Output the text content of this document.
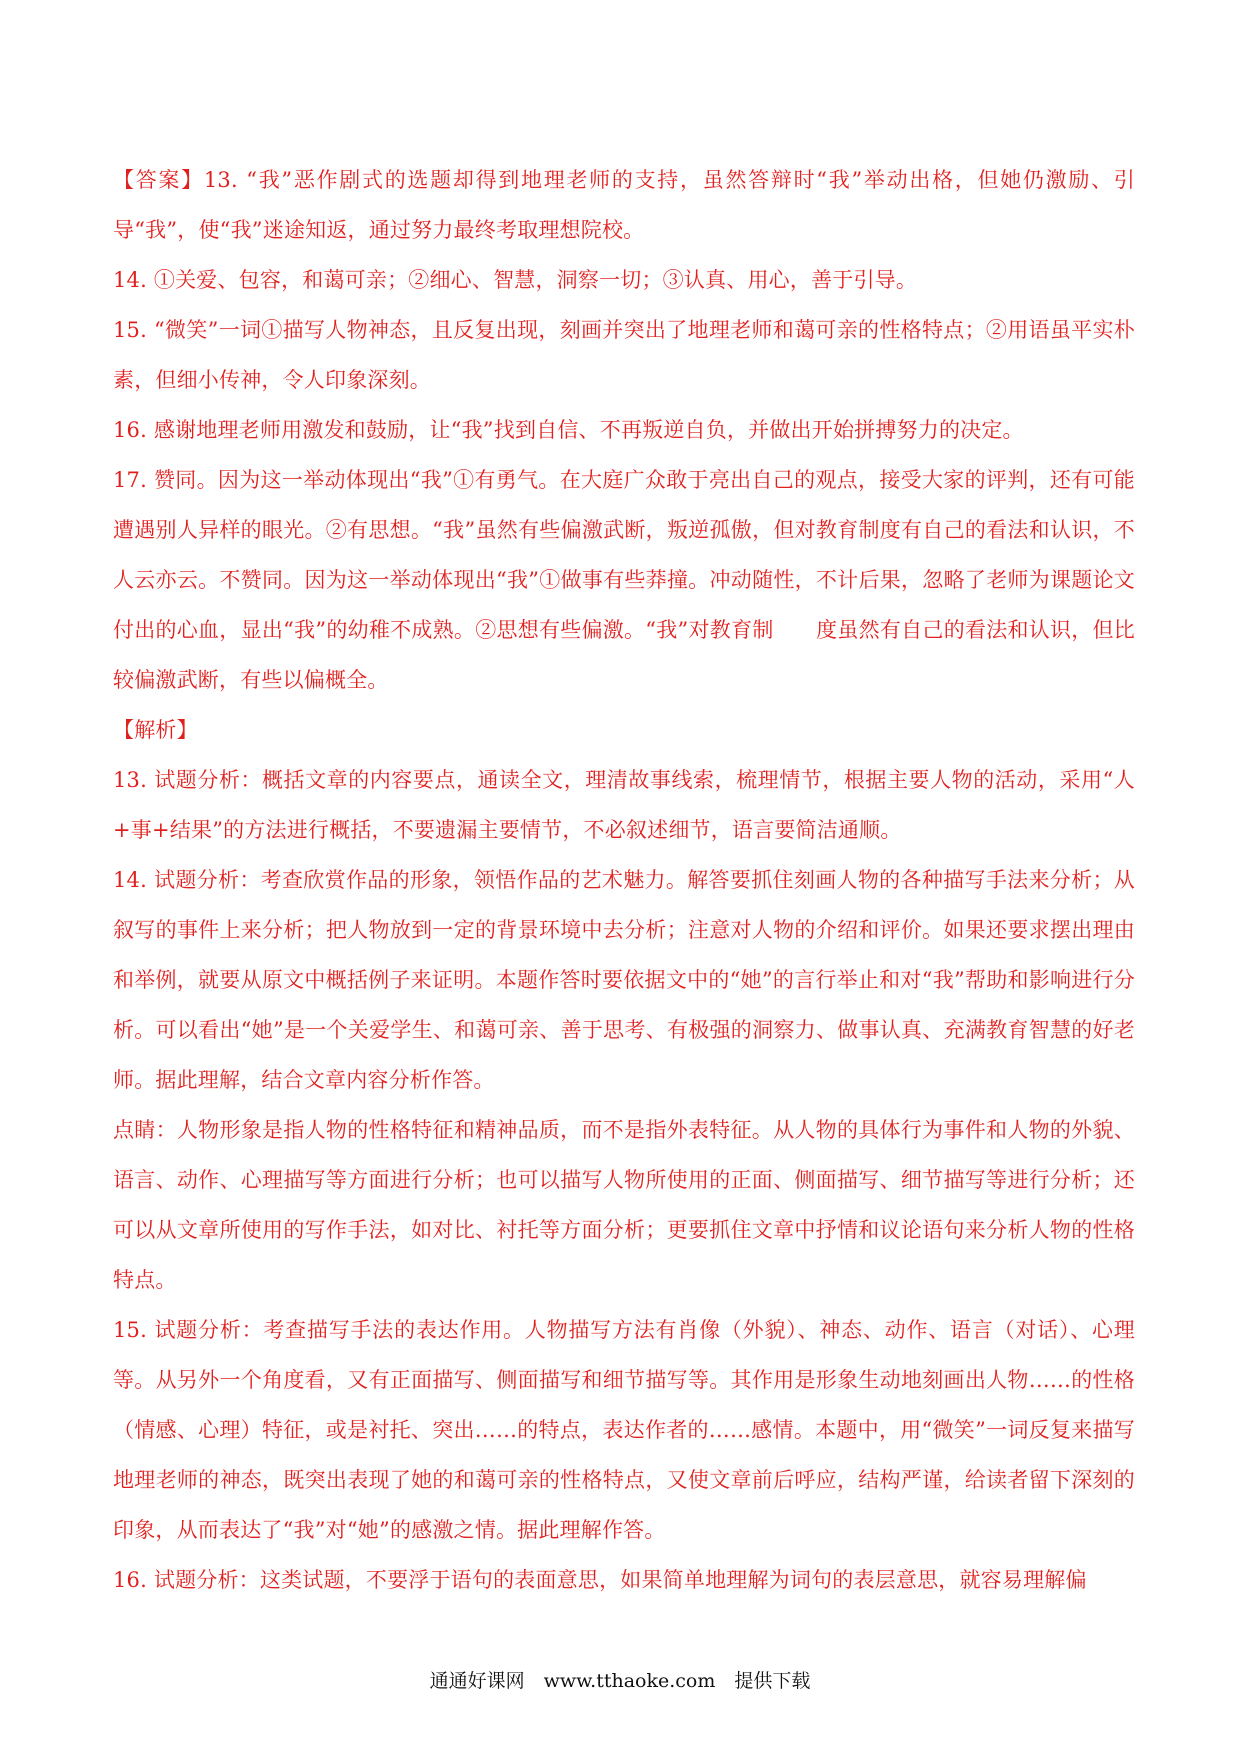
【答案】13. “我”恶作剧式的选题却得到地理老师的支持，虽然答辩时“我”举动出格，但她仍激励、引导“我”，使“我”迷途知返，通过努力最终考取理想院校。

14. ①关爱、包容，和蔼可亲；②细心、智慧，洞察一切；③认真、用心，善于引导。

15. “微笑”一词①描写人物神态，且反复出现，刻画并突出了地理老师和蔼可亲的性格特点；②用语虽平实朴素，但细小传神，令人印象深刻。

16. 感谢地理老师用激发和鼓励，让“我”找到自信、不再叛逆自负，并做出开始拼搏努力的决定。

17. 赞同。因为这一举动体现出“我”①有勇气。在大庭广众敢于亮出自己的观点，接受大家的评判，还有可能遭遇别人异样的眼光。②有思想。“我”虽然有些偏激武断，叛逆孤傲，但对教育制度有自己的看法和认识，不人云亦云。不赞同。因为这一举动体现出“我”①做事有些莽撞。冲动随性，不计后果，忽略了老师为课题论文付出的心血，显出“我”的幼稚不成熟。②思想有些偏激。“我”对教育制　　度虽然有自己的看法和认识，但比较偏激武断，有些以偏概全。

【解析】

13. 试题分析：概括文章的内容要点，通读全文，理清故事线索，梳理情节，根据主要人物的活动，采用“人+事+结果”的方法进行概括，不要遗漏主要情节，不必叙述细节，语言要简洁通顺。

14. 试题分析：考查欣赏作品的形象，领悟作品的艺术魅力。解答要抓住刻画人物的各种描写手法来分析；从叙写的事件上来分析；把人物放到一定的背景环境中去分析；注意对人物的介绍和评价。如果还要求摆出理由和举例，就要从原文中概括例子来证明。本题作答时要依据文中的“她”的言行举止和对“我”帮助和影响进行分析。可以看出“她”是一个关爱学生、和蔼可亲、善于思考、有极强的洞察力、做事认真、充满教育智慧的好老师。据此理解，结合文章内容分析作答。

点睛：人物形象是指人物的性格特征和精神品质，而不是指外表特征。从人物的具体行为事件和人物的外貌、语言、动作、心理描写等方面进行分析；也可以描写人物所使用的正面、侧面描写、细节描写等进行分析；还可以从文章所使用的写作手法，如对比、衬托等方面分析；更要抓住文章中抒情和议论语句来分析人物的性格特点。

15. 试题分析：考查描写手法的表达作用。人物描写方法有肖像（外貌）、神态、动作、语言（对话）、心理等。从另外一个角度看，又有正面描写、侧面描写和细节描写等。其作用是形象生动地刻画出人物……的性格（情感、心理）特征，或是衬托、突出……的特点，表达作者的……感情。本题中，用“微笑”一词反复来描写地理老师的神态，既突出表现了她的和蔼可亲的性格特点，又使文章前后呼应，结构严谨，给读者留下深刻的印象，从而表达了“我”对“她”的感激之情。据此理解作答。

16. 试题分析：这类试题，不要浮于语句的表面意思，如果简单地理解为词句的表层意思，就容易理解偏

通通好课网　www.tthaoke.com　提供下载
